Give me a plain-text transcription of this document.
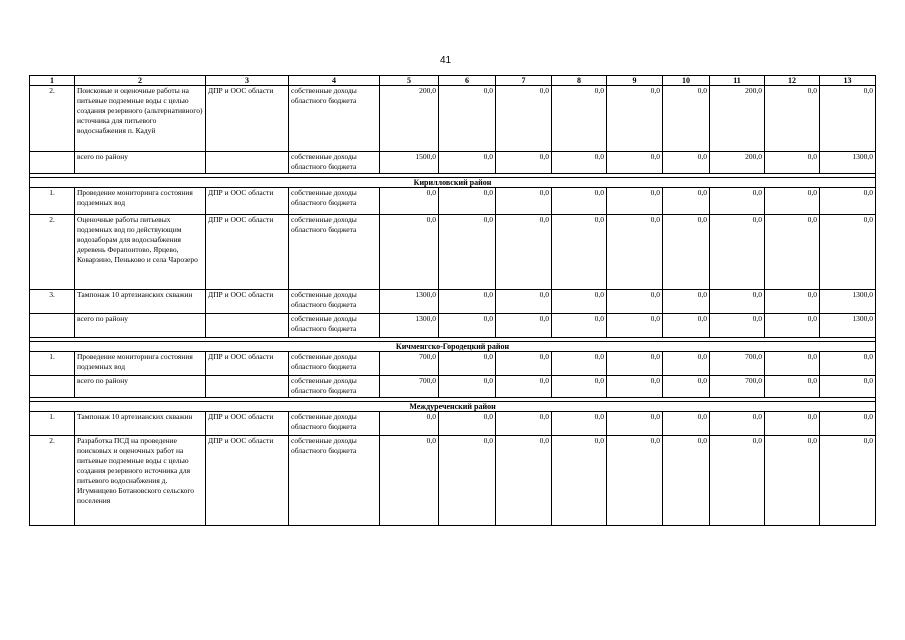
41
1	2	3	4	5	6	7	8	9	10	11	12	13
2.	Поисковые и оценочные работы на питьевые подземные воды с целью создания резервного (альтернативного) источника для питьевого водоснабжения п. Кадуй	ДПР и ООС области	собственные доходы областного бюджета	200,0	0,0	0,0	0,0	0,0	0,0	200,0	0,0	0,0
	всего по району		собственные доходы областного бюджета	1500,0	0,0	0,0	0,0	0,0	0,0	200,0	0,0	1300,0

Кирилловский район												
1.	Проведение мониторинга состояния подземных вод	ДПР и ООС области	собственные доходы областного бюджета	0,0	0,0	0,0	0,0	0,0	0,0	0,0	0,0	0,0
2.	Оценочные работы питьевых подземных вод по действующим водозаборам для водоснабжения деревень Ферапонтово, Ярцево, Коварзино, Пеньково и села Чарозеро	ДПР и ООС области	собственные доходы областного бюджета	0,0	0,0	0,0	0,0	0,0	0,0	0,0	0,0	0,0
3.	Тампонаж 10 артезианских скважин	ДПР и ООС области	собственные доходы областного бюджета	1300,0	0,0	0,0	0,0	0,0	0,0	0,0	0,0	1300,0
	всего по району		собственные доходы областного бюджета	1300,0	0,0	0,0	0,0	0,0	0,0	0,0	0,0	1300,0

Кичменгско-Городецкий район												
1.	Проведение мониторинга состояния подземных вод	ДПР и ООС области	собственные доходы областного бюджета	700,0	0,0	0,0	0,0	0,0	0,0	700,0	0,0	0,0
	всего по району		собственные доходы областного бюджета	700,0	0,0	0,0	0,0	0,0	0,0	700,0	0,0	0,0

Междуреченский район												
1.	Тампонаж 10 артезианских скважин	ДПР и ООС области	собственные доходы областного бюджета	0,0	0,0	0,0	0,0	0,0	0,0	0,0	0,0	0,0
2.	Разработка ПСД на проведение поисковых и оценочных работ на питьевые подземные воды с целью создания резервного источника для питьевого водоснабжения д. Игумницево Ботановского сельского поселения	ДПР и ООС области	собственные доходы областного бюджета	0,0	0,0	0,0	0,0	0,0	0,0	0,0	0,0	0,0
